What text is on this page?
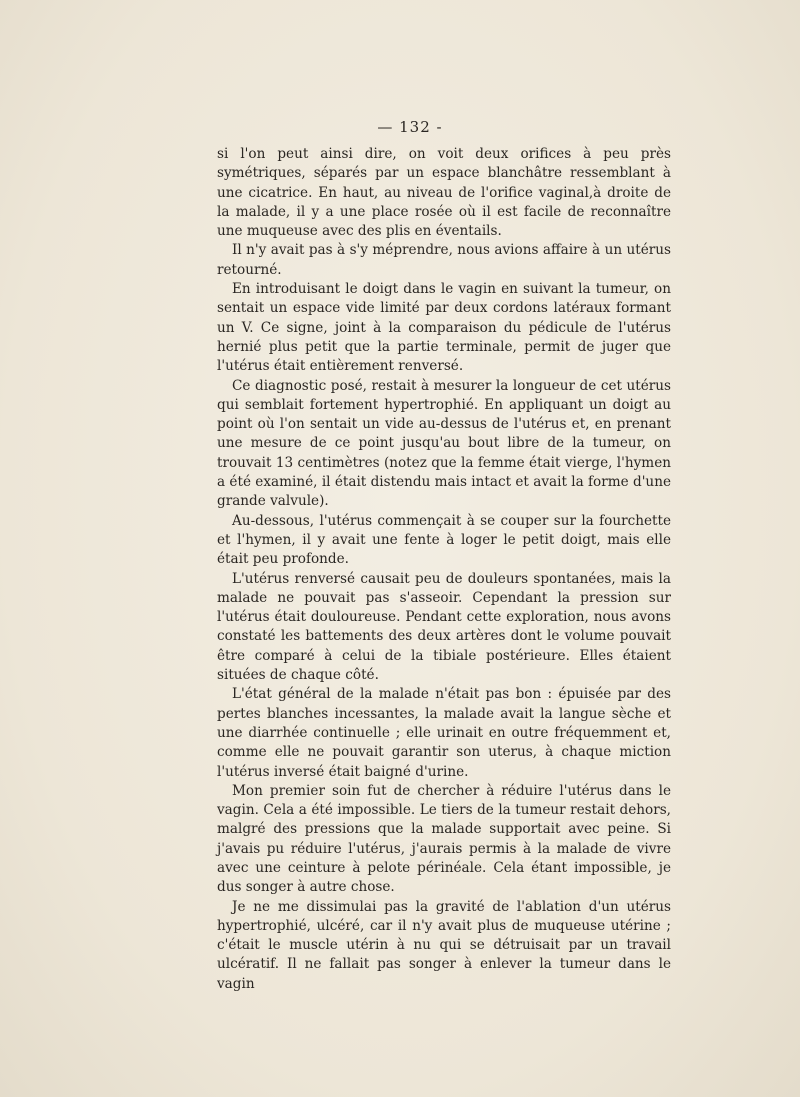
— 132 -

si l'on peut ainsi dire, on voit deux orifices à peu près symétriques, séparés par un espace blanchâtre ressemblant à une cicatrice. En haut, au niveau de l'orifice vaginal,à droite de la malade, il y a une place rosée où il est facile de reconnaître une muqueuse avec des plis en éventails.

Il n'y avait pas à s'y méprendre, nous avions affaire à un utérus retourné.

En introduisant le doigt dans le vagin en suivant la tumeur, on sentait un espace vide limité par deux cordons latéraux formant un V. Ce signe, joint à la comparaison du pédicule de l'utérus hernié plus petit que la partie terminale, permit de juger que l'utérus était entièrement renversé.

Ce diagnostic posé, restait à mesurer la longueur de cet utérus qui semblait fortement hypertrophié. En appliquant un doigt au point où l'on sentait un vide au-dessus de l'utérus et, en prenant une mesure de ce point jusqu'au bout libre de la tumeur, on trouvait 13 centimètres (notez que la femme était vierge, l'hymen a été examiné, il était distendu mais intact et avait la forme d'une grande valvule).

Au-dessous, l'utérus commençait à se couper sur la fourchette et l'hymen, il y avait une fente à loger le petit doigt, mais elle était peu profonde.

L'utérus renversé causait peu de douleurs spontanées, mais la malade ne pouvait pas s'asseoir. Cependant la pression sur l'utérus était douloureuse. Pendant cette exploration, nous avons constaté les battements des deux artères dont le volume pouvait être comparé à celui de la tibiale postérieure. Elles étaient situées de chaque côté.

L'état général de la malade n'était pas bon : épuisée par des pertes blanches incessantes, la malade avait la langue sèche et une diarrhée continuelle ; elle urinait en outre fréquemment et, comme elle ne pouvait garantir son uterus, à chaque miction l'utérus inversé était baigné d'urine.

Mon premier soin fut de chercher à réduire l'utérus dans le vagin. Cela a été impossible. Le tiers de la tumeur restait dehors, malgré des pressions que la malade supportait avec peine. Si j'avais pu réduire l'utérus, j'aurais permis à la malade de vivre avec une ceinture à pelote périnéale. Cela étant impossible, je dus songer à autre chose.

Je ne me dissimulai pas la gravité de l'ablation d'un utérus hypertrophié, ulcéré, car il n'y avait plus de muqueuse utérine ; c'était le muscle utérin à nu qui se détruisait par un travail ulcératif. Il ne fallait pas songer à enlever la tumeur dans le vagin
